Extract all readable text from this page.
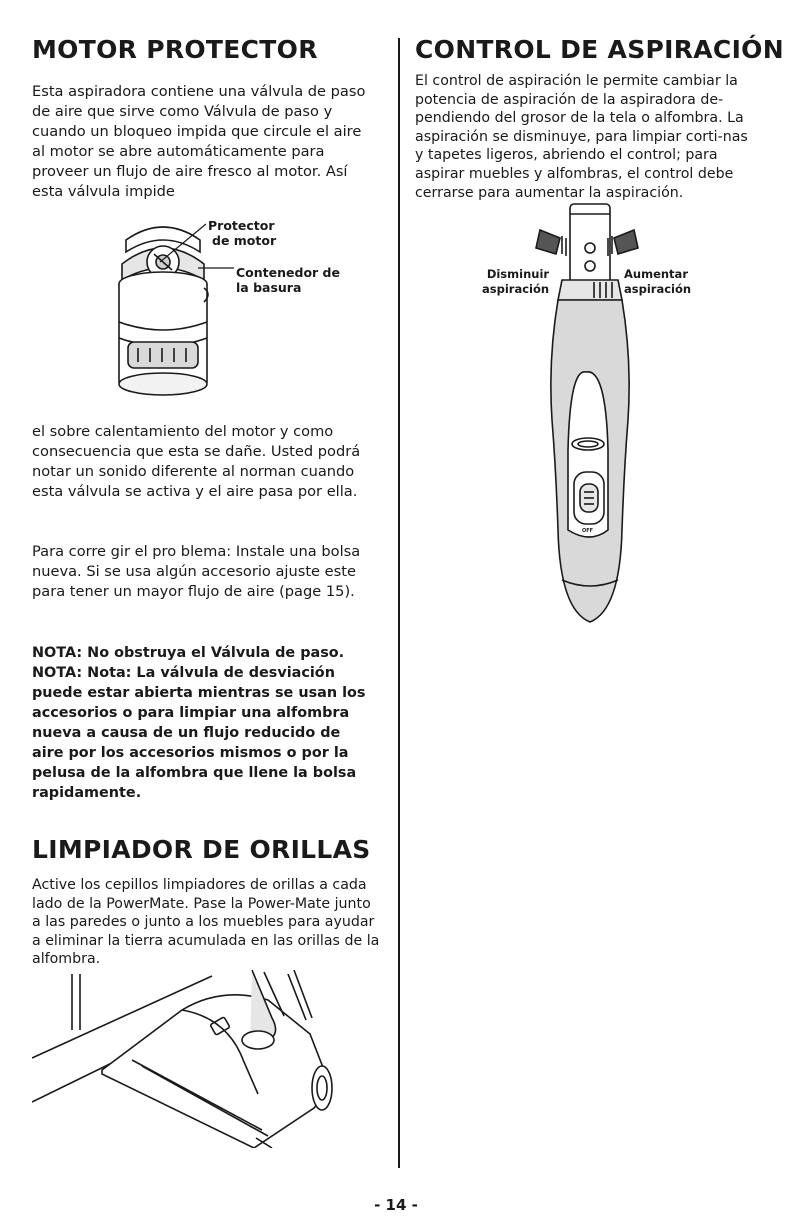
MOTOR PROTECTOR

Esta aspiradora contiene una válvula de paso de aire que sirve como Válvula de paso y cuando un bloqueo impida que circule el aire al motor se abre automáticamente para proveer un flujo de aire fresco al motor. Así esta válvula impide

Protector
de motor
Contenedor de
la basura

el sobre calentamiento del motor y como consecuencia que esta se dañe. Usted podrá notar un sonido diferente al norman cuando esta válvula se activa y el aire pasa por ella.

Para corre gir el pro blema: Instale una bolsa nueva. Si se usa algún accesorio ajuste este para tener un mayor flujo de aire (page 15).

NOTA: No obstruya el Válvula de paso.

NOTA: Nota: La válvula de desviación puede estar abierta mientras se usan los accesorios o para limpiar una alfombra nueva a causa de un flujo reducido de aire por los accesorios mismos o por la pelusa de la alfombra que llene la bolsa rapidamente.

LIMPIADOR DE ORILLAS

Active los cepillos limpiadores de orillas a cada lado de la PowerMate. Pase la Power-Mate junto a las paredes o junto a los muebles para ayudar a eliminar la tierra acumulada en las orillas de la alfombra.

CONTROL DE ASPIRACIÓN

El control de aspiración le permite cambiar la potencia de aspiración de la aspiradora de-pendiendo del grosor de la tela o alfombra. La aspiración se disminuye, para limpiar corti-nas y tapetes ligeros, abriendo el control; para aspirar muebles y alfombras, el control debe cerrarse para aumentar la aspiración.

OFF
Disminuir
aspiración
Aumentar
aspiración
- 14 -
